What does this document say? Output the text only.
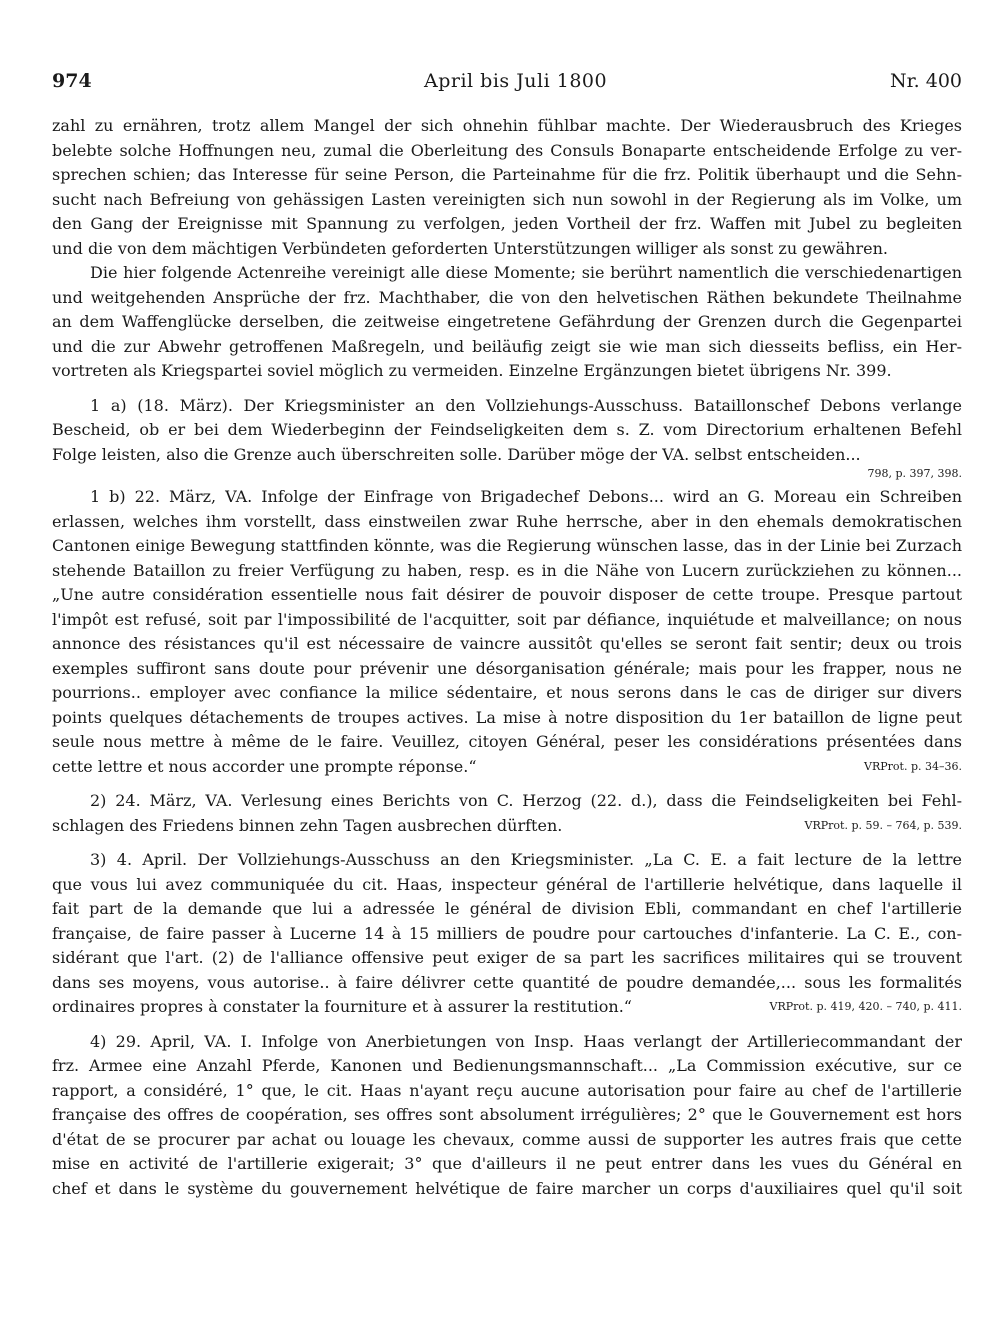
974	April bis Juli 1800	Nr. 400
zahl zu ernähren, trotz allem Mangel der sich ohnehin fühlbar machte. Der Wiederausbruch des Krieges
belebte solche Hoffnungen neu, zumal die Oberleitung des Consuls Bonaparte entscheidende Erfolge zu ver-
sprechen schien; das Interesse für seine Person, die Parteinahme für die frz. Politik überhaupt und die Sehn-
sucht nach Befreiung von gehässigen Lasten vereinigten sich nun sowohl in der Regierung als im Volke, um
den Gang der Ereignisse mit Spannung zu verfolgen, jeden Vortheil der frz. Waffen mit Jubel zu begleiten
und die von dem mächtigen Verbündeten geforderten Unterstützungen williger als sonst zu gewähren.
Die hier folgende Actenreihe vereinigt alle diese Momente; sie berührt namentlich die verschiedenartigen
und weitgehenden Ansprüche der frz. Machthaber, die von den helvetischen Räthen bekundete Theilnahme
an dem Waffenglücke derselben, die zeitweise eingetretene Gefährdung der Grenzen durch die Gegenpartei
und die zur Abwehr getroffenen Maßregeln, und beiläufig zeigt sie wie man sich diesseits befliss, ein Her-
vortreten als Kriegspartei soviel möglich zu vermeiden. Einzelne Ergänzungen bietet übrigens Nr. 399.
1 a) (18. März). Der Kriegsminister an den Vollziehungs-Ausschuss. Bataillonschef Debons verlange
Bescheid, ob er bei dem Wiederbeginn der Feindseligkeiten dem s. Z. vom Directorium erhaltenen Befehl
Folge leisten, also die Grenze auch überschreiten solle. Darüber möge der VA. selbst entscheiden...
798, p. 397, 398.
1 b) 22. März, VA. Infolge der Einfrage von Brigadechef Debons... wird an G. Moreau ein Schreiben
erlassen, welches ihm vorstellt, dass einstweilen zwar Ruhe herrsche, aber in den ehemals demokratischen
Cantonen einige Bewegung stattfinden könnte, was die Regierung wünschen lasse, das in der Linie bei Zurzach
stehende Bataillon zu freier Verfügung zu haben, resp. es in die Nähe von Lucern zurückziehen zu können...
„Une autre considération essentielle nous fait désirer de pouvoir disposer de cette troupe. Presque partout
l'impôt est refusé, soit par l'impossibilité de l'acquitter, soit par défiance, inquiétude et malveillance; on nous
annonce des résistances qu'il est nécessaire de vaincre aussitôt qu'elles se seront fait sentir; deux ou trois
exemples suffiront sans doute pour prévenir une désorganisation générale; mais pour les frapper, nous ne
pourrions.. employer avec confiance la milice sédentaire, et nous serons dans le cas de diriger sur divers
points quelques détachements de troupes actives. La mise à notre disposition du 1er bataillon de ligne peut
seule nous mettre à même de le faire. Veuillez, citoyen Général, peser les considérations présentées dans
VRProt. p. 34–36.
cette lettre et nous accorder une prompte réponse.“
2) 24. März, VA. Verlesung eines Berichts von C. Herzog (22. d.), dass die Feindseligkeiten bei Fehl-
VRProt. p. 59. – 764, p. 539.
schlagen des Friedens binnen zehn Tagen ausbrechen dürften.
3) 4. April. Der Vollziehungs-Ausschuss an den Kriegsminister. „La C. E. a fait lecture de la lettre
que vous lui avez communiquée du cit. Haas, inspecteur général de l'artillerie helvétique, dans laquelle il
fait part de la demande que lui a adressée le général de division Ebli, commandant en chef l'artillerie
française, de faire passer à Lucerne 14 à 15 milliers de poudre pour cartouches d'infanterie. La C. E., con-
sidérant que l'art. (2) de l'alliance offensive peut exiger de sa part les sacrifices militaires qui se trouvent
dans ses moyens, vous autorise.. à faire délivrer cette quantité de poudre demandée,... sous les formalités
VRProt. p. 419, 420. – 740, p. 411.
ordinaires propres à constater la fourniture et à assurer la restitution.“
4) 29. April, VA. I. Infolge von Anerbietungen von Insp. Haas verlangt der Artilleriecommandant der
frz. Armee eine Anzahl Pferde, Kanonen und Bedienungsmannschaft... „La Commission exécutive, sur ce
rapport, a considéré, 1° que, le cit. Haas n'ayant reçu aucune autorisation pour faire au chef de l'artillerie
française des offres de coopération, ses offres sont absolument irrégulières; 2° que le Gouvernement est hors
d'état de se procurer par achat ou louage les chevaux, comme aussi de supporter les autres frais que cette
mise en activité de l'artillerie exigerait; 3° que d'ailleurs il ne peut entrer dans les vues du Général en
chef et dans le système du gouvernement helvétique de faire marcher un corps d'auxiliaires quel qu'il soit
